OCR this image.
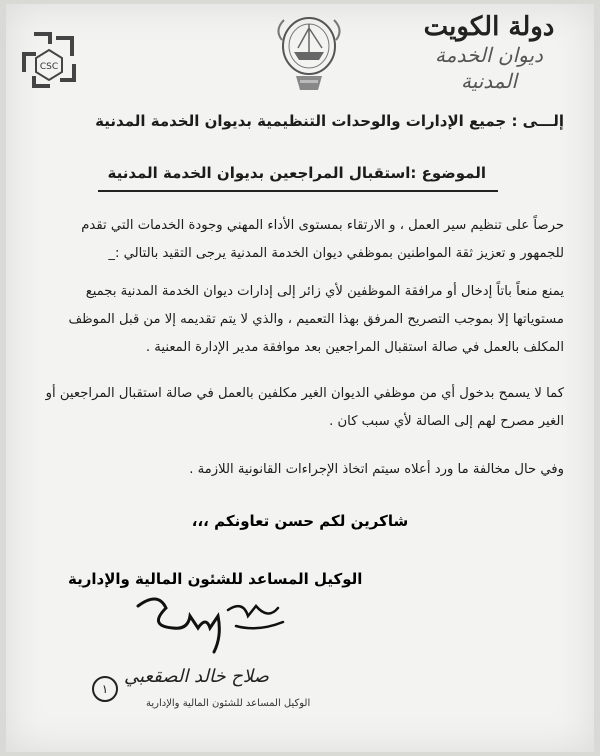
دولة الكويت
ديوان الخدمة المدنية
CSC
إلـــى : جميع الإدارات والوحدات التنظيمية بديوان الخدمة المدنية
الموضوع :استقبال المراجعين بديوان الخدمة المدنية
حرصاً على تنظيم سير العمل ، و الارتقاء بمستوى الأداء المهني وجودة الخدمات التي تقدم للجمهور و تعزيز ثقة المواطنين بموظفي ديوان الخدمة المدنية يرجى التقيد بالتالي :_
يمنع منعاً باتاً إدخال أو مرافقة الموظفين لأي زائر إلى إدارات ديوان الخدمة المدنية بجميع مستوياتها إلا بموجب التصريح المرفق بهذا التعميم ، والذي لا يتم تقديمه إلا من قبل الموظف المكلف بالعمل في صالة استقبال المراجعين بعد موافقة مدير الإدارة المعنية .
كما لا يسمح بدخول أي من موظفي الديوان الغير مكلفين بالعمل في صالة استقبال المراجعين أو الغير مصرح لهم إلى الصالة لأي سبب كان .
وفي حال مخالفة ما ورد أعلاه سيتم اتخاذ الإجراءات القانونية اللازمة .
شاكرين لكم حسن تعاونكم ،،،
الوكيل المساعد للشئون المالية والإدارية
صلاح خالد الصقعبي
١
الوكيل المساعد للشئون المالية والإدارية
